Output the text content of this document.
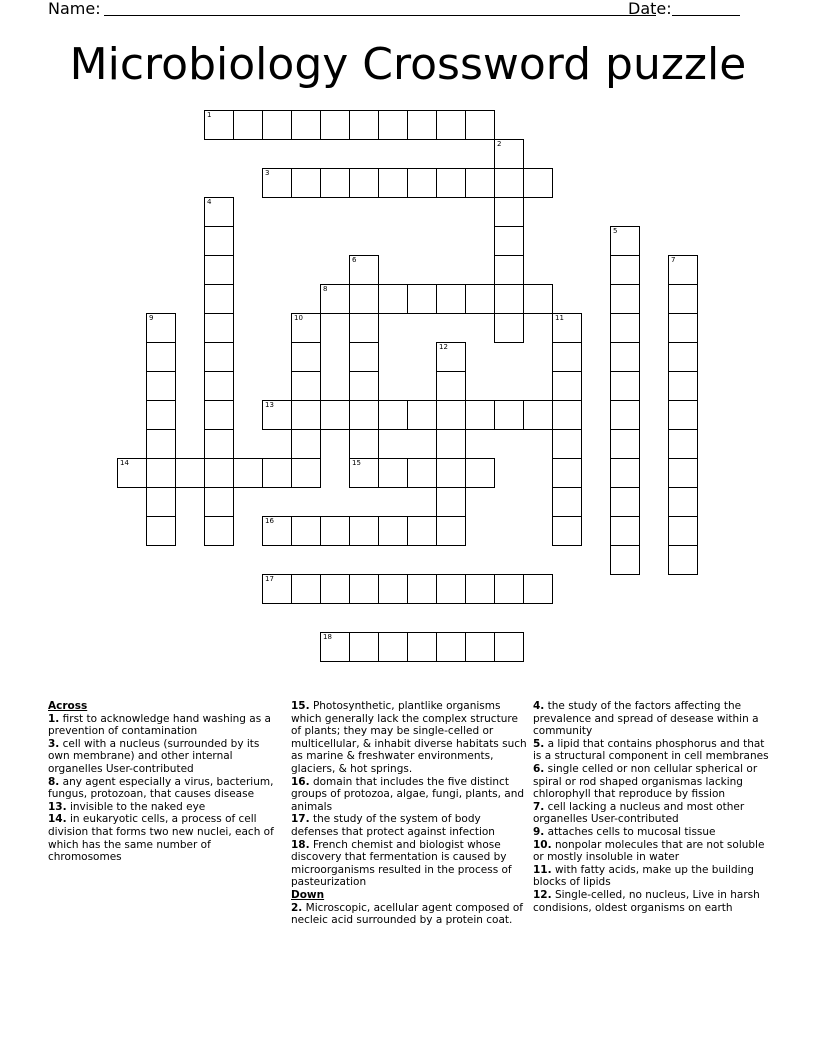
Name:	Date:
Microbiology Crossword puzzle
1
2
3
4
5
6	7
8
9	10	11
12
13
14	15
16
17
18
Across
1. first to acknowledge hand washing as a prevention of contamination
3. cell with a nucleus (surrounded by its own membrane) and other internal organelles User-contributed
8. any agent especially a virus, bacterium, fungus, protozoan, that causes disease
13. invisible to the naked eye
14. in eukaryotic cells, a process of cell division that forms two new nuclei, each of which has the same number of chromosomes
15. Photosynthetic, plantlike organisms which generally lack the complex structure of plants; they may be single-celled or multicellular, & inhabit diverse habitats such as marine & freshwater environments, glaciers, & hot springs.
16. domain that includes the five distinct groups of protozoa, algae, fungi, plants, and animals
17. the study of the system of body defenses that protect against infection
18. French chemist and biologist whose discovery that fermentation is caused by microorganisms resulted in the process of pasteurization
Down
2. Microscopic, acellular agent composed of necleic acid surrounded by a protein coat.
4. the study of the factors affecting the prevalence and spread of desease within a community
5. a lipid that contains phosphorus and that is a structural component in cell membranes
6. single celled or non cellular spherical or spiral or rod shaped organismas lacking chlorophyll that reproduce by fission
7. cell lacking a nucleus and most other organelles User-contributed
9. attaches cells to mucosal tissue
10. nonpolar molecules that are not soluble or mostly insoluble in water
11. with fatty acids, make up the building blocks of lipids
12. Single-celled, no nucleus, Live in harsh condisions, oldest organisms on earth
